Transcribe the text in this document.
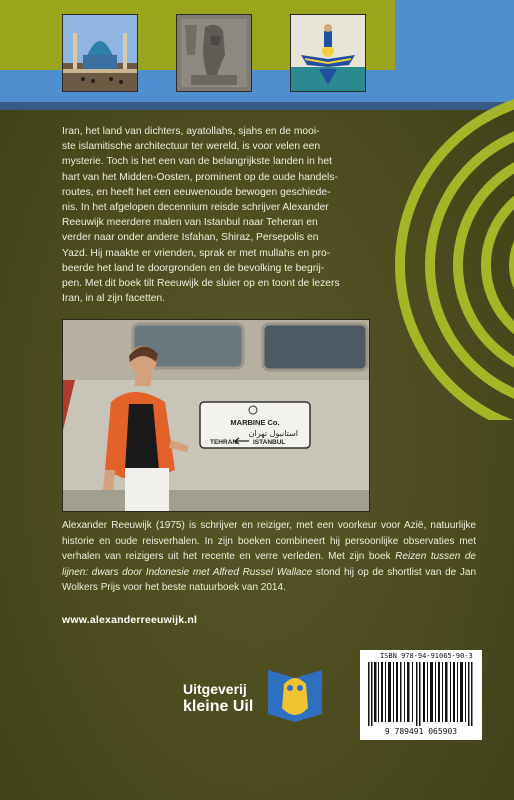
Iran, het land van dichters, ayatollahs, sjahs en de mooi-
ste islamitische architectuur ter wereld, is voor velen een
mysterie. Toch is het een van de belangrijkste landen in het
hart van het Midden-Oosten, prominent op de oude handels-
routes, en heeft het een eeuwenoude bewogen geschiede-
nis. In het afgelopen decennium reisde schrijver Alexander
Reeuwijk meerdere malen van Istanbul naar Teheran en
verder naar onder andere Isfahan, Shiraz, Persepolis en
Yazd. Hij maakte er vrienden, sprak er met mullahs en pro-
beerde het land te doorgronden en de bevolking te begrij-
pen. Met dit boek tilt Reeuwijk de sluier op en toont de lezers
Iran, in al zijn facetten.

MARBINE Co.
استانبول تهران
TEHRAN ISTANBUL

Alexander Reeuwijk (1975) is schrijver en reiziger, met een voorkeur voor Azië, natuurlijke historie en oude reisverhalen. In zijn boeken combineert hij persoonlijke observaties met verhalen van reizigers uit het recente en verre verleden. Met zijn boek Reizen tussen de lijnen: dwars door Indonesie met Alfred Russel Wallace stond hij op de shortlist van de Jan Wolkers Prijs voor het beste natuurboek van 2014.

www.alexanderreeuwijk.nl
Uitgeverij
kleine Uil
ISBN 978-94-91065-90-3
9 789491 065903
